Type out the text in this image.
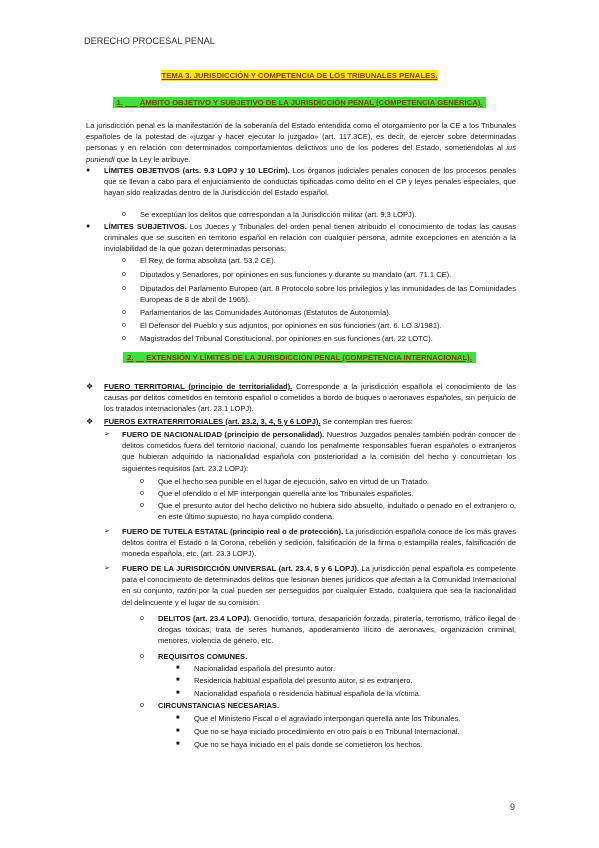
DERECHO PROCESAL PENAL
TEMA 3. JURISDICCIÓN Y COMPETENCIA DE LOS TRIBUNALES PENALES.
1. ÁMBITO OBJETIVO Y SUBJETIVO DE LA JURISDICCIÓN PENAL (COMPETENCIA GENÉRICA).
La jurisdicción penal es la manifestación de la soberanía del Estado entendida como el otorgamiento por la CE a los Tribunales españoles de la potestad de «juzgar y hacer ejecutar lo juzgado» (art. 117.3CE), es decir, de ejercer sobre determinadas personas y en relación con determinados comportamientos delictivos uno de los poderes del Estado, sometiéndolas al ius puniendi que la Ley le atribuye.
● LÍMITES OBJETIVOS (arts. 9.3 LOPJ y 10 LECrim). Los órganos judiciales penales conocen de los procesos penales que se llevan a cabo para el enjuiciamiento de conductas tipificadas como delito en el CP y leyes penales especiales, que hayan sido realizadas dentro de la Jurisdicción del Estado español.
o Se exceptúan los delitos que correspondan a la Jurisdicción militar (art. 9.3 LOPJ).
● LÍMITES SUBJETIVOS. Los Jueces y Tribunales del orden penal tienen atribuido el conocimiento de todas las causas criminales que se susciten en territorio español en relación con cualquier persona, admite excepciones en atención a la inviolabilidad de la que gozan determinadas personas:
o El Rey, de forma absoluta (art. 53.2 CE).
o Diputados y Senadores, por opiniones en sus funciones y durante su mandato (art. 71.1 CE).
o Diputados del Parlamento Europeo (art. 8 Protocolo sobre los privilegios y las inmunidades de las Comunidades Europeas de 8 de abril de 1965).
o Parlamentarios de las Comunidades Autónomas (Estatutos de Autonomía).
o El Defensor del Pueblo y sus adjuntos, por opiniones en sus funciones (art. 6. LO 3/1981).
o Magistrados del Tribunal Constitucional, por opiniones en sus funciones (art. 22 LOTC).
2. EXTENSIÓN Y LÍMITES DE LA JURISDICCIÓN PENAL (COMPETENCIA INTERNACIONAL).
❖ FUERO TERRITORIAL (principio de territorialidad). Corresponde a la jurisdicción española el conocimiento de las causas por delitos cometidos en territorio español o cometidos a bordo de buques o aeronaves españoles, sin perjuicio de los tratados internacionales (art. 23.1 LOPJ).
❖ FUEROS EXTRATERRITORIALES (art. 23.2, 3, 4, 5 y 6 LOPJ). Se contemplan tres fueros:
➢ FUERO DE NACIONALIDAD (principio de personalidad). Nuestros Juzgados penales también podrán conocer de delitos cometidos fuera del territorio nacional, cuando los penalmente responsables fueran españoles o extranjeros que hubieran adquirido la nacionalidad española con posterioridad a la comisión del hecho y concurrieran los siguientes requisitos (art. 23.2 LOPJ):
o Que el hecho sea punible en el lugar de ejecución, salvo en virtud de un Tratado.
o Que el ofendido o el MF interpongan querella ante los Tribunales españoles.
o Que el presunto autor del hecho delictivo no hubiera sido absuelto, indultado o penado en el extranjero o, en este último supuesto, no haya cumplido condena.
➢ FUERO DE TUTELA ESTATAL (principio real o de protección). La jurisdicción española conoce de los más graves delitos contra el Estado o la Corona, rebelión y sedición, falsificación de la firma o estampilla reales, falsificación de moneda española, etc. (art. 23.3 LOPJ).
➢ FUERO DE LA JURISDICCIÓN UNIVERSAL (art. 23.4, 5 y 6 LOPJ). La jurisdicción penal española es competente para el conocimiento de determinados delitos que lesionan bienes jurídicos que afectan a la Comunidad Internacional en su conjunto, razón por la cual pueden ser perseguidos por cualquier Estado, cualquiera que sea la nacionalidad del delincuente y el lugar de su comisión.
o DELITOS (art. 23.4 LOPJ). Genocidio, tortura, desaparición forzada, piratería, terrorismo, tráfico ilegal de drogas tóxicas, trata de seres humanos, apoderamiento ilícito de aeronaves, organización criminal, menores, violencia de género, etc.
o REQUISITOS COMUNES.
■ Nacionalidad española del presunto autor.
■ Residencia habitual española del presunto autor, si es extranjero.
■ Nacionalidad española o residencia habitual española de la víctima.
o CIRCUNSTANCIAS NECESARIAS.
■ Que el Ministerio Fiscal o el agraviado interpongan querella ante los Tribunales.
■ Que no se haya iniciado procedimiento en otro país o en Tribunal Internacional.
■ Que no se haya iniciado en el país donde se cometieron los hechos.
9
